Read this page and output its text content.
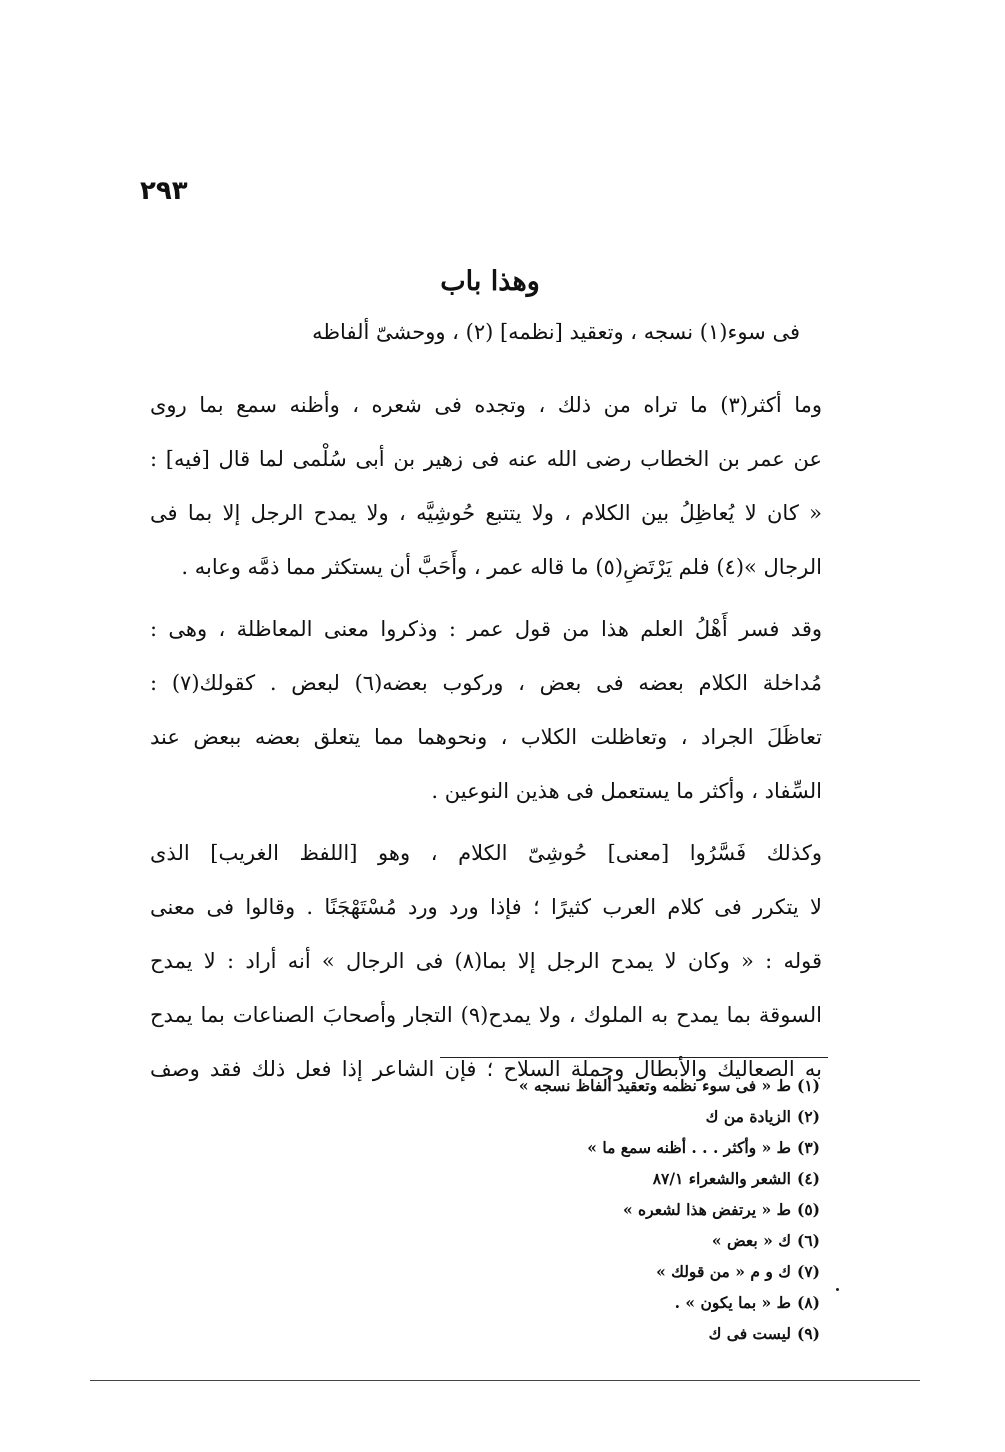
٢٩٣
وهذا باب
فى سوء(١) نسجه ، وتعقيد [نظمه] (٢) ، ووحشىّ ألفاظه
وما أكثر(٣) ما تراه من ذلك ، وتجده فى شعره ، وأظنه سمع بما روى
عن عمر بن الخطاب رضى الله عنه فى زهير بن أبى سُلْمى لما قال [فيه] :
« كان لا يُعاظِلُ بين الكلام ، ولا يتتبع حُوشِيَّه ، ولا يمدح الرجل إلا بما فى
الرجال »(٤) فلم يَرْتَضِ(٥) ما قاله عمر ، وأَحَبَّ أن يستكثر مما ذمَّه وعابه .
وقد فسر أَهْلُ العلم هذا من قول عمر : وذكروا معنى المعاظلة ، وهى :
مُداخلة الكلام بعضه فى بعض ، وركوب بعضه(٦) لبعض . كقولك(٧) :
تعاظَلَ الجراد ، وتعاظلت الكلاب ، ونحوهما مما يتعلق بعضه ببعض عند
السِّفاد ، وأكثر ما يستعمل فى هذين النوعين .
وكذلك فَسَّرُوا [معنى] حُوشِىّ الكلام ، وهو [اللفظ الغريب] الذى
لا يتكرر فى كلام العرب كثيرًا ؛ فإذا ورد ورد مُسْتَهْجَنًا . وقالوا فى معنى
قوله : « وكان لا يمدح الرجل إلا بما(٨) فى الرجال » أنه أراد : لا يمدح
السوقة بما يمدح به الملوك ، ولا يمدح(٩) التجار وأصحابَ الصناعات بما يمدح
به الصعاليك والأبطال وحملة السلاح ؛ فإن الشاعر إذا فعل ذلك فقد وصف
(١)ط « فى سوء نظمه وتعقيد ألفاظ نسجه »
(٢)الزيادة من ك
(٣)ط « وأكثر . . . أظنه سمع ما »
(٤)الشعر والشعراء ٨٧/١
(٥)ط « يرتفض هذا لشعره »
(٦)ك « بعض »
(٧)ك و م « من قولك »
(٨)ط « بما يكون » .
(٩)ليست فى ك
